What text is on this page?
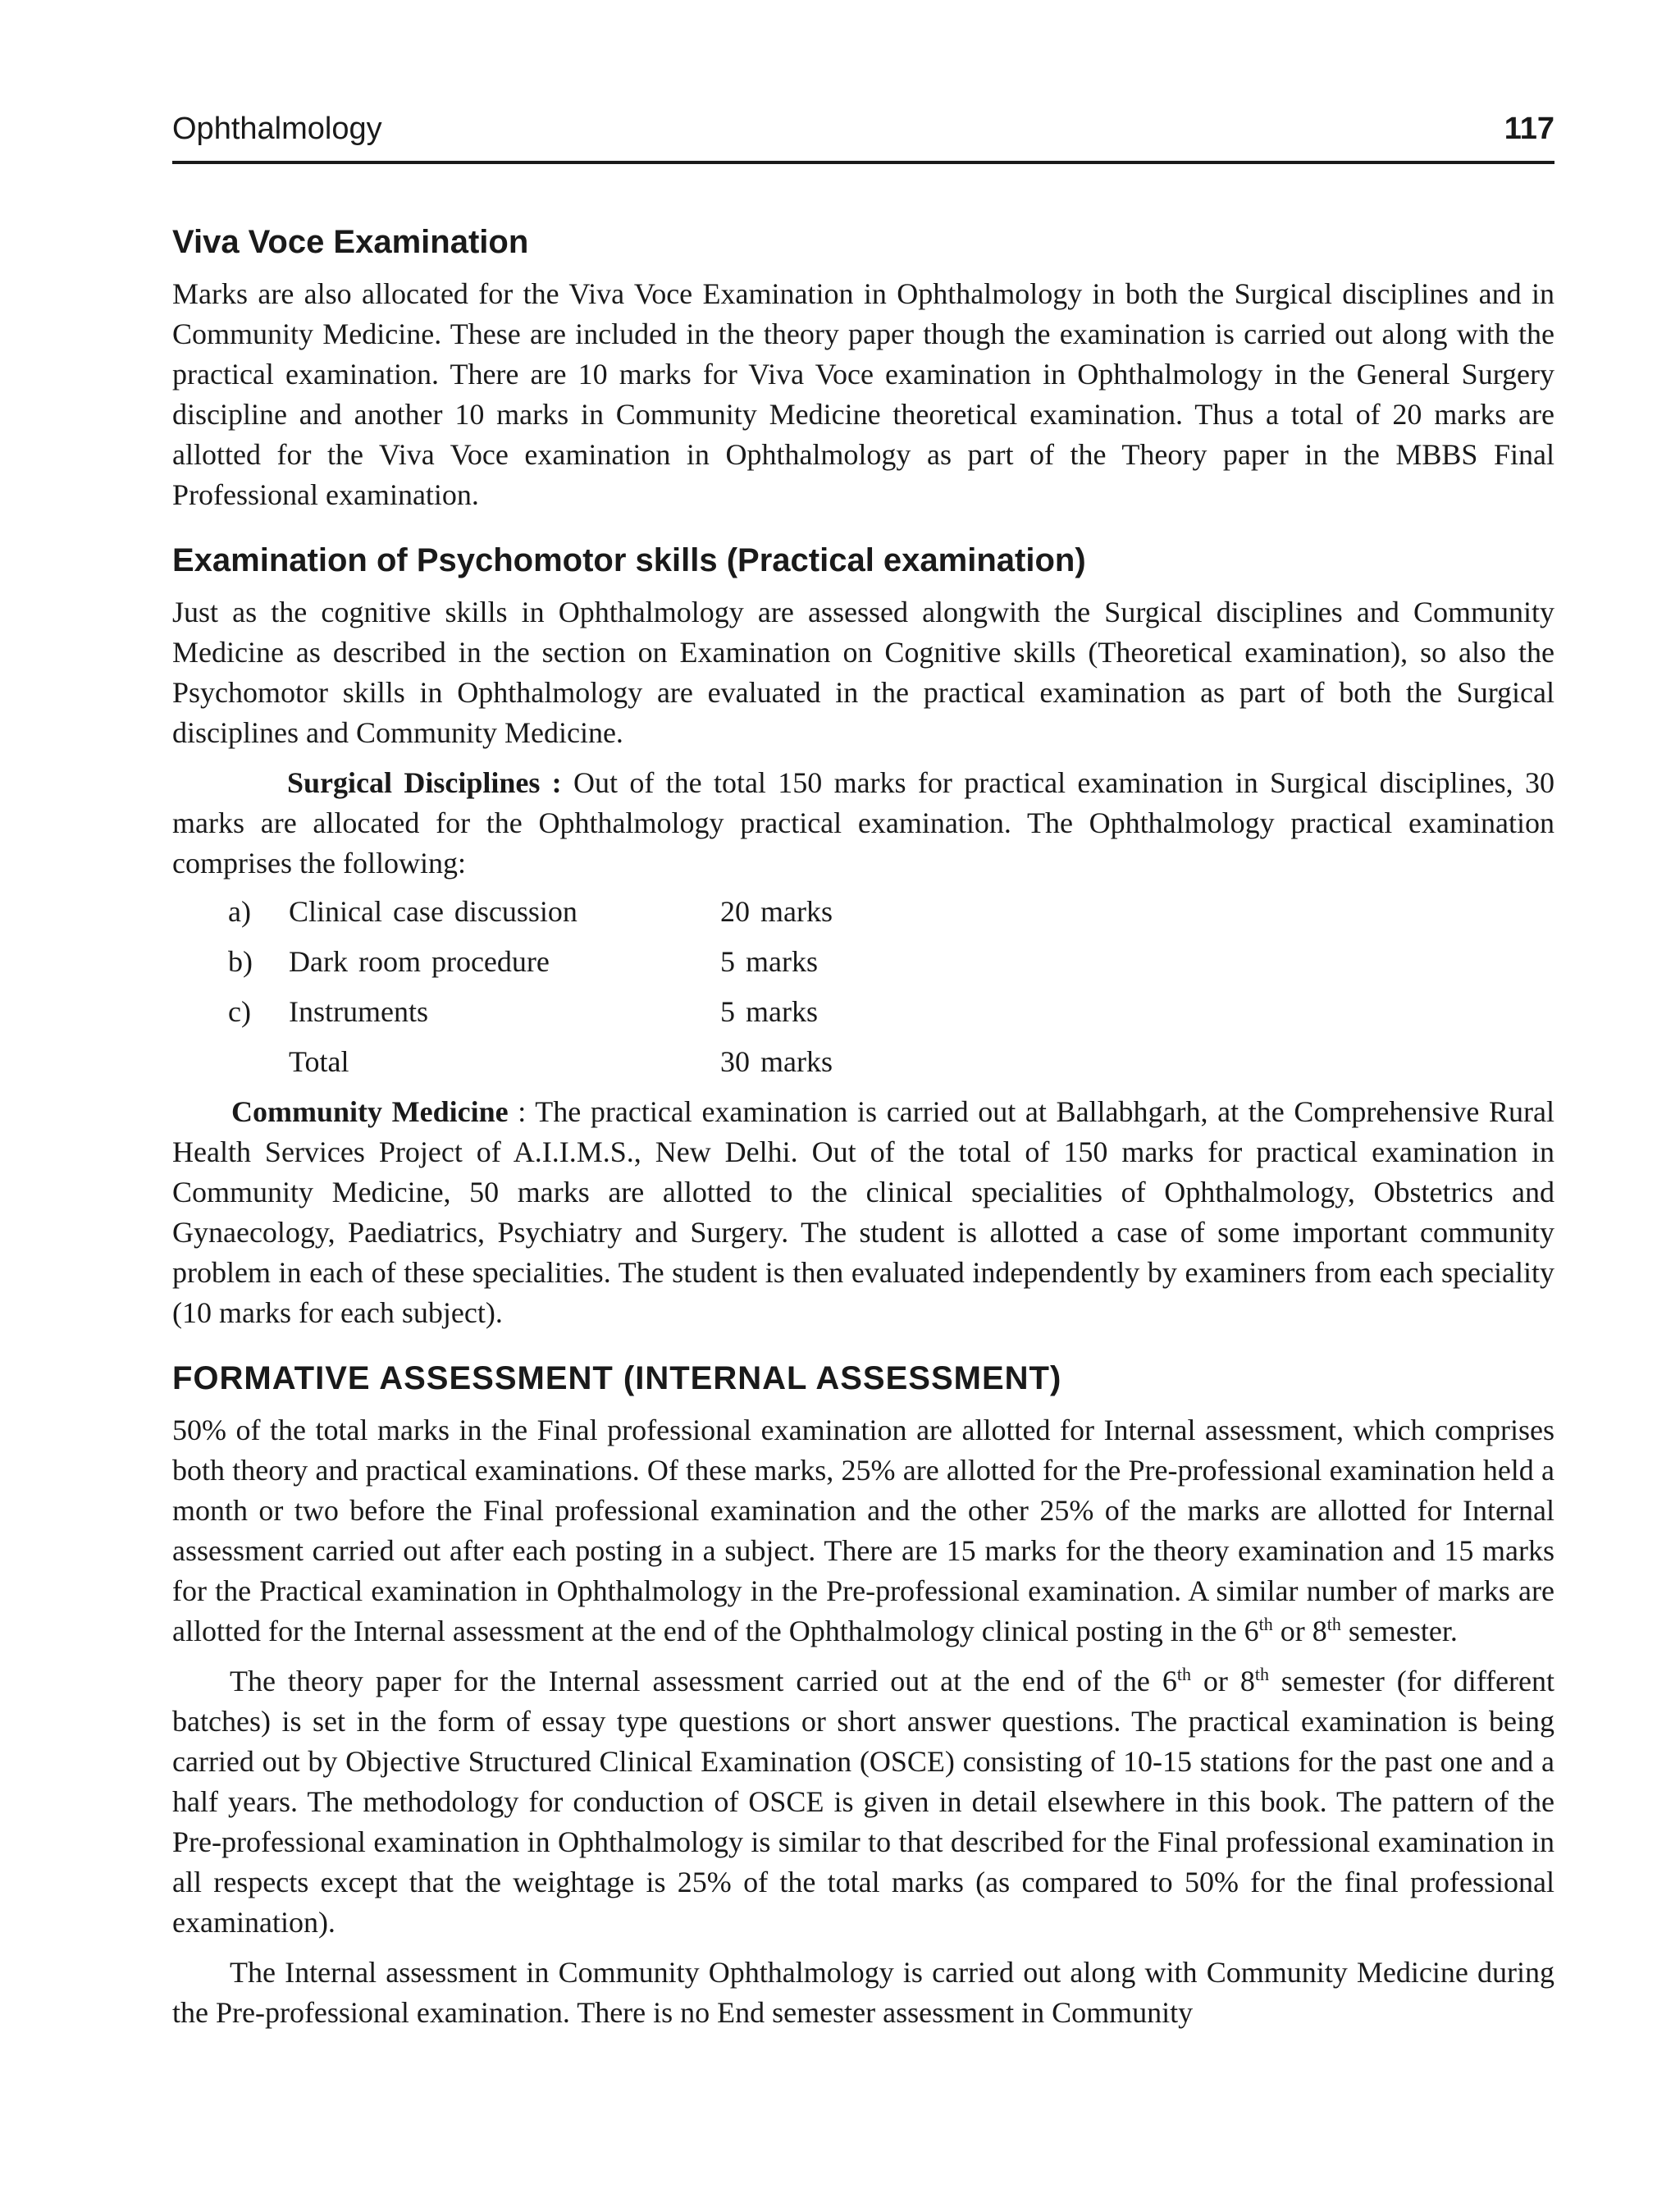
Ophthalmology	117
Viva Voce Examination

Marks are also allocated for the Viva Voce Examination in Ophthalmology in both the Surgical disciplines and in Community Medicine. These are included in the theory paper though the examination is carried out along with the practical examination. There are 10 marks for Viva Voce examination in Ophthalmology in the General Surgery discipline and another 10 marks in Community Medicine theoretical examination. Thus a total of 20 marks are allotted for the Viva Voce examination in Ophthalmology as part of the Theory paper in the MBBS Final Professional examination.

Examination of Psychomotor skills (Practical examination)

Just as the cognitive skills in Ophthalmology are assessed alongwith the Surgical disciplines and Community Medicine as described in the section on Examination on Cognitive skills (Theoretical examination), so also the Psychomotor skills in Ophthalmology are evaluated in the practical examination as part of both the Surgical disciplines and Community Medicine.

Surgical Disciplines : Out of the total 150 marks for practical examination in Surgical disciplines, 30 marks are allocated for the Ophthalmology practical examination. The Ophthalmology practical examination comprises the following:

a) Clinical case discussion	20 marks
b) Dark room procedure	5 marks
c) Instruments	5 marks
Total	30 marks

Community Medicine : The practical examination is carried out at Ballabhgarh, at the Comprehensive Rural Health Services Project of A.I.I.M.S., New Delhi. Out of the total of 150 marks for practical examination in Community Medicine, 50 marks are allotted to the clinical specialities of Ophthalmology, Obstetrics and Gynaecology, Paediatrics, Psychiatry and Surgery. The student is allotted a case of some important community problem in each of these specialities. The student is then evaluated independently by examiners from each speciality (10 marks for each subject).

FORMATIVE ASSESSMENT (INTERNAL ASSESSMENT)

50% of the total marks in the Final professional examination are allotted for Internal assessment, which comprises both theory and practical examinations. Of these marks, 25% are allotted for the Pre-professional examination held a month or two before the Final professional examination and the other 25% of the marks are allotted for Internal assessment carried out after each posting in a subject. There are 15 marks for the theory examination and 15 marks for the Practical examination in Ophthalmology in the Pre-professional examination. A similar number of marks are allotted for the Internal assessment at the end of the Ophthalmology clinical posting in the 6th or 8th semester.

The theory paper for the Internal assessment carried out at the end of the 6th or 8th semester (for different batches) is set in the form of essay type questions or short answer questions. The practical examination is being carried out by Objective Structured Clinical Examination (OSCE) consisting of 10-15 stations for the past one and a half years. The methodology for conduction of OSCE is given in detail elsewhere in this book. The pattern of the Pre-professional examination in Ophthalmology is similar to that described for the Final professional examination in all respects except that the weightage is 25% of the total marks (as compared to 50% for the final professional examination).

The Internal assessment in Community Ophthalmology is carried out along with Community Medicine during the Pre-professional examination. There is no End semester assessment in Community
